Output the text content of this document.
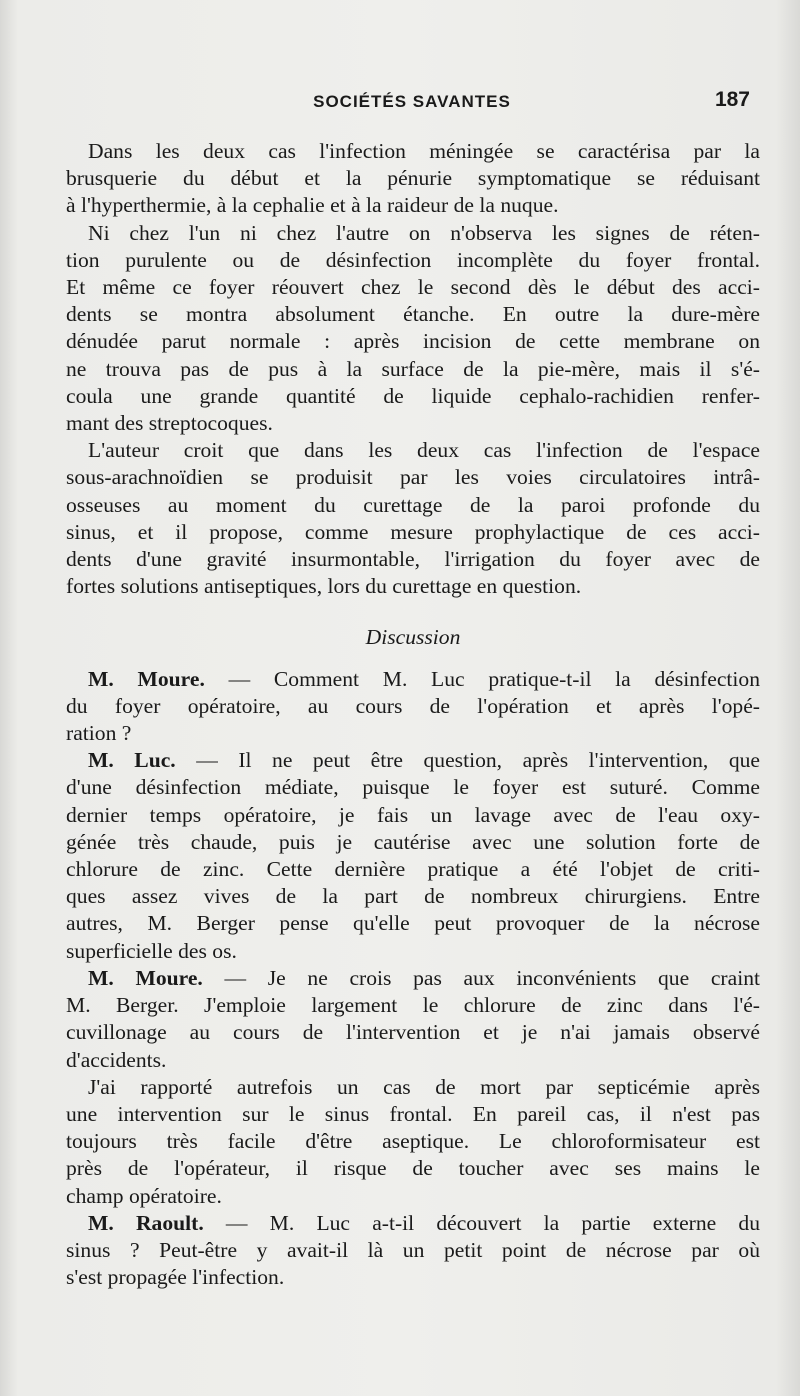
SOCIÉTÉS SAVANTES	187
Dans les deux cas l'infection méningée se caractérisa par la
brusquerie du début et la pénurie symptomatique se réduisant
à l'hyperthermie, à la cephalie et à la raideur de la nuque.
Ni chez l'un ni chez l'autre on n'observa les signes de réten-
tion purulente ou de désinfection incomplète du foyer frontal.
Et même ce foyer réouvert chez le second dès le début des acci-
dents se montra absolument étanche. En outre la dure-mère
dénudée parut normale : après incision de cette membrane on
ne trouva pas de pus à la surface de la pie-mère, mais il s'é-
coula une grande quantité de liquide cephalo-rachidien renfer-
mant des streptocoques.
L'auteur croit que dans les deux cas l'infection de l'espace
sous-arachnoïdien se produisit par les voies circulatoires intrâ-
osseuses au moment du curettage de la paroi profonde du
sinus, et il propose, comme mesure prophylactique de ces acci-
dents d'une gravité insurmontable, l'irrigation du foyer avec de
fortes solutions antiseptiques, lors du curettage en question.
Discussion
M. Moure. — Comment M. Luc pratique-t-il la désinfection
du foyer opératoire, au cours de l'opération et après l'opé-
ration ?
M. Luc. — Il ne peut être question, après l'intervention, que
d'une désinfection médiate, puisque le foyer est suturé. Comme
dernier temps opératoire, je fais un lavage avec de l'eau oxy-
génée très chaude, puis je cautérise avec une solution forte de
chlorure de zinc. Cette dernière pratique a été l'objet de criti-
ques assez vives de la part de nombreux chirurgiens. Entre
autres, M. Berger pense qu'elle peut provoquer de la nécrose
superficielle des os.
M. Moure. — Je ne crois pas aux inconvénients que craint
M. Berger. J'emploie largement le chlorure de zinc dans l'é-
cuvillonage au cours de l'intervention et je n'ai jamais observé
d'accidents.
J'ai rapporté autrefois un cas de mort par septicémie après
une intervention sur le sinus frontal. En pareil cas, il n'est pas
toujours très facile d'être aseptique. Le chloroformisateur est
près de l'opérateur, il risque de toucher avec ses mains le
champ opératoire.
M. Raoult. — M. Luc a-t-il découvert la partie externe du
sinus ? Peut-être y avait-il là un petit point de nécrose par où
s'est propagée l'infection.
